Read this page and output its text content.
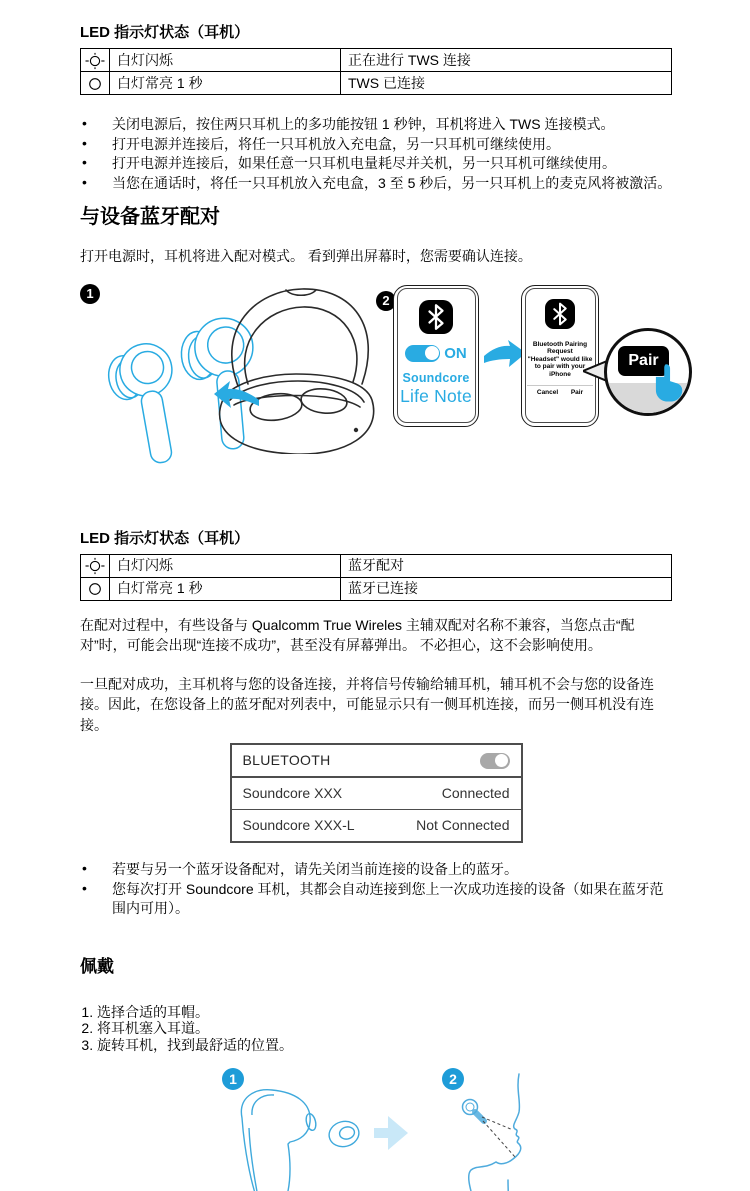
LED 指示灯状态（耳机）
	白灯闪烁	正在进行 TWS 连接
	白灯常亮 1 秒	TWS 已连接
• 关闭电源后，按住两只耳机上的多功能按钮 1 秒钟，耳机将进入 TWS 连接模式。
• 打开电源并连接后，将任一只耳机放入充电盒，另一只耳机可继续使用。
• 打开电源并连接后，如果任意一只耳机电量耗尽并关机，另一只耳机可继续使用。
• 当您在通话时，将任一只耳机放入充电盒，3 至 5 秒后，另一只耳机上的麦克风将被激活。
与设备蓝牙配对

打开电源时，耳机将进入配对模式。 看到弹出屏幕时，您需要确认连接。

1	2
ON
Soundcore
Life Note
Bluetooth Pairing Request
"Headset" would like
to pair with your iPhone
Cancel Pair
Pair
LED 指示灯状态（耳机）
	白灯闪烁	蓝牙配对
	白灯常亮 1 秒	蓝牙已连接

在配对过程中，有些设备与 Qualcomm True Wireles 主辅双配对名称不兼容，当您点击“配对”时，可能会出现“连接不成功”，甚至没有屏幕弹出。 不必担心，这不会影响使用。

一旦配对成功，主耳机将与您的设备连接，并将信号传输给辅耳机，辅耳机不会与您的设备连接。因此，在您设备上的蓝牙配对列表中，可能显示只有一侧耳机连接，而另一侧耳机没有连接。

BLUETOOTH
Soundcore XXX	Connected
Soundcore XXX-L	Not Connected
• 若要与另一个蓝牙设备配对，请先关闭当前连接的设备上的蓝牙。
• 您每次打开 Soundcore 耳机，其都会自动连接到您上一次成功连接的设备（如果在蓝牙范围内可用）。
佩戴
1. 选择合适的耳帽。
2. 将耳机塞入耳道。
3. 旋转耳机，找到最舒适的位置。
1	2
